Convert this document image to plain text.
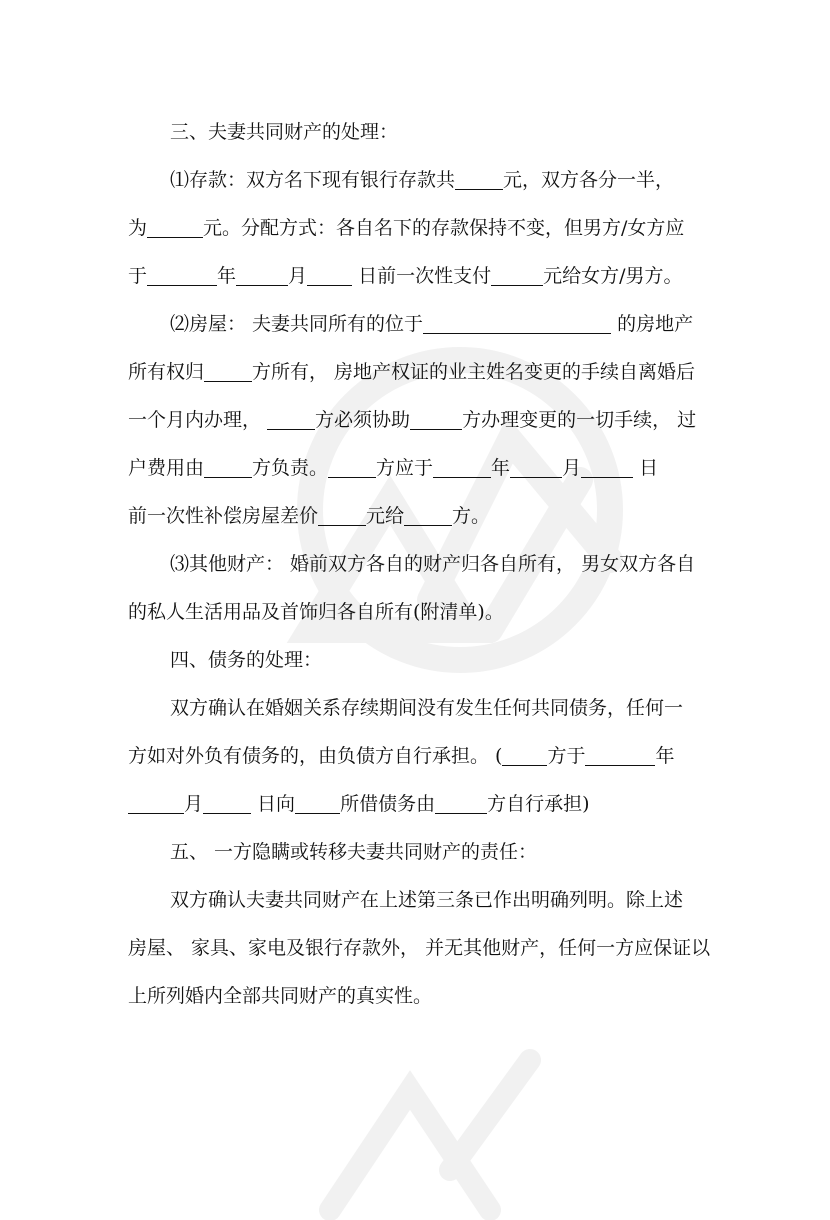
三、夫妻共同财产的处理：
⑴存款：双方名下现有银行存款共	元，双方各分一半，
为	元。分配方式：各自名下的存款保持不变，但男方/女方应
于	年	月 日前一次性支付	元给女方/男方。
⑵房屋： 夫妻共同所有的位于	的房地产
所有权归	方所有， 房地产权证的业主姓名变更的手续自离婚后
一个月内办理，	方必须协助	方办理变更的一切手续， 过
户费用由	方负责。	方应于	年	月	日
前一次性补偿房屋差价	元给	方。
⑶其他财产： 婚前双方各自的财产归各自所有， 男女双方各自
的私人生活用品及首饰归各自所有(附清单)。
四、债务的处理：
双方确认在婚姻关系存续期间没有发生任何共同债务，任何一
方如对外负有债务的，由负债方自行承担。 ( 方于	年
月	日向 所借债务由	方自行承担)
五、 一方隐瞒或转移夫妻共同财产的责任：
双方确认夫妻共同财产在上述第三条已作出明确列明。除上述
房屋、 家具、家电及银行存款外， 并无其他财产，任何一方应保证以
上所列婚内全部共同财产的真实性。
